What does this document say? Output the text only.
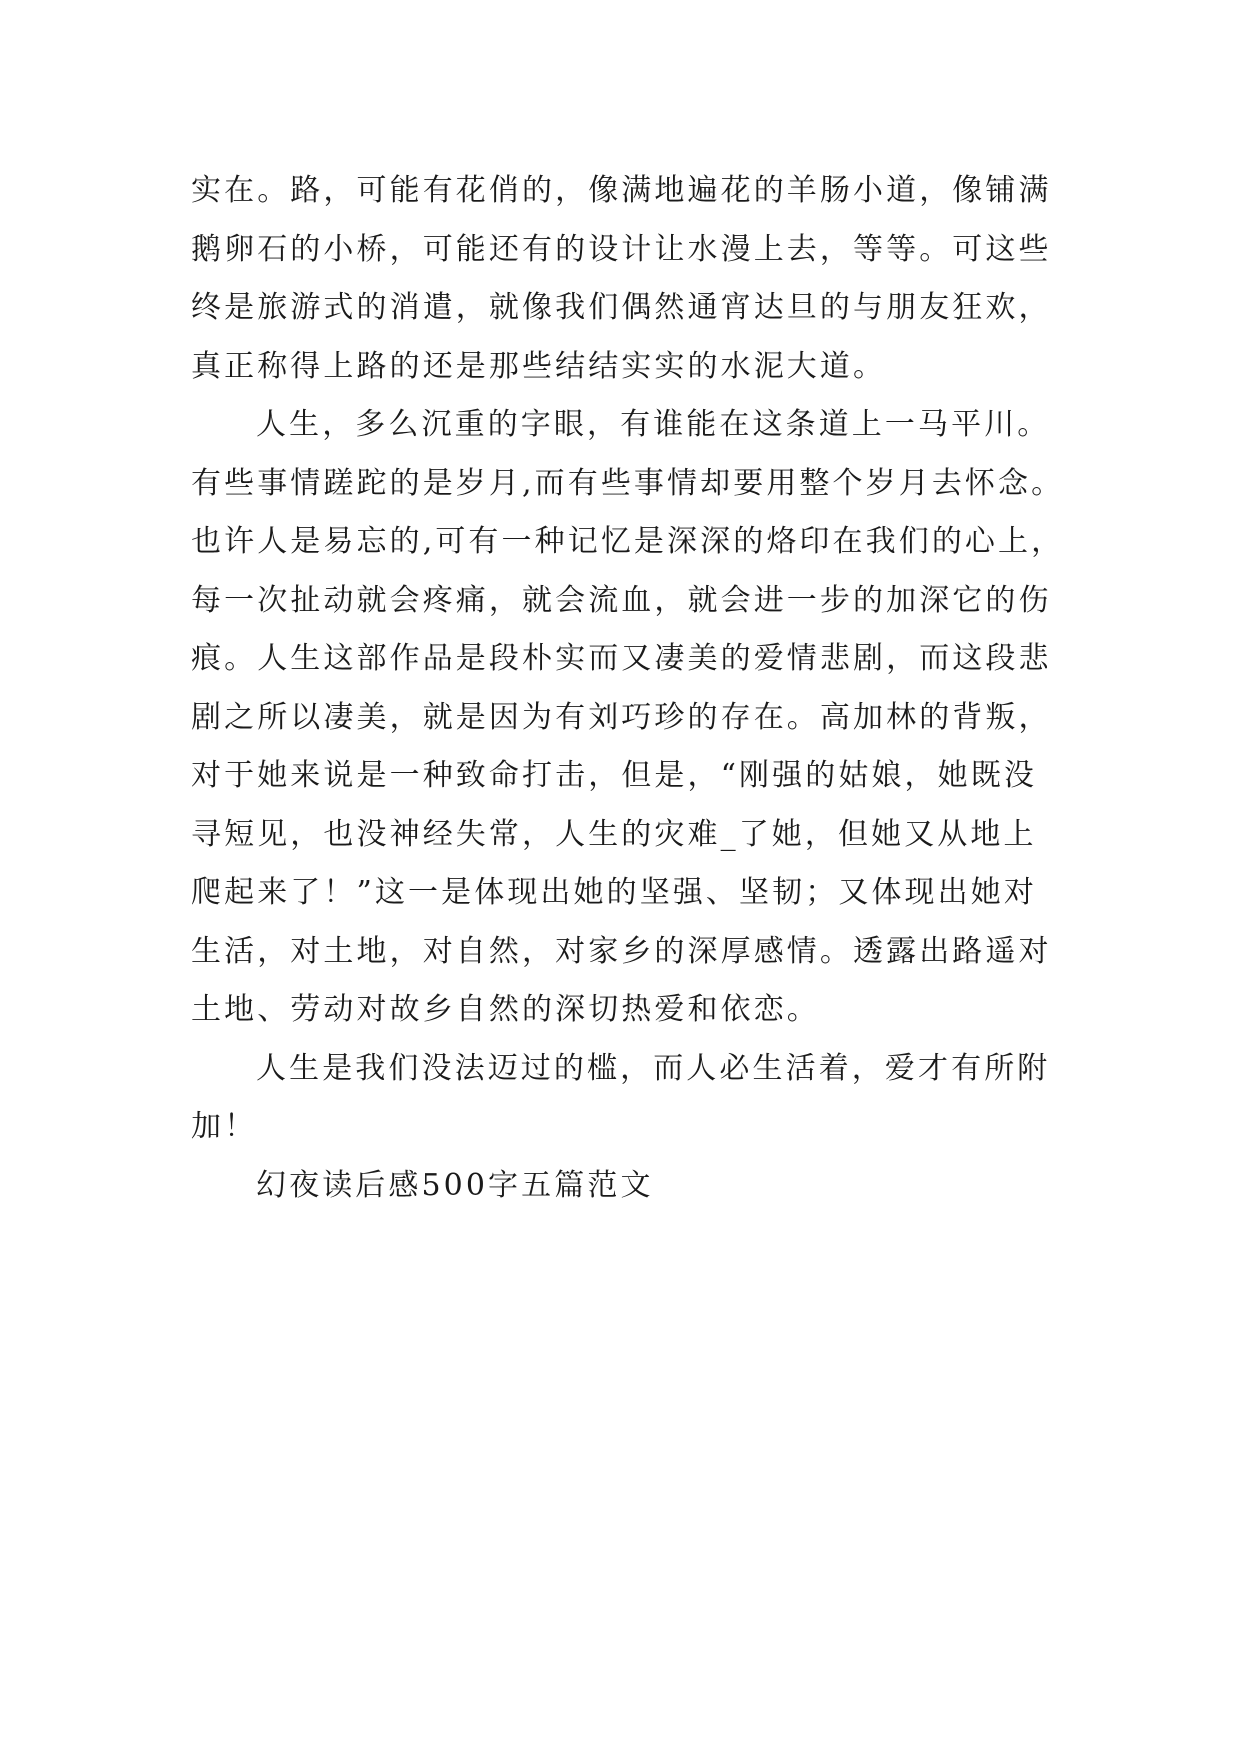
实在。路，可能有花俏的，像满地遍花的羊肠小道，像铺满
鹅卵石的小桥，可能还有的设计让水漫上去，等等。可这些
终是旅游式的消遣，就像我们偶然通宵达旦的与朋友狂欢，
真正称得上路的还是那些结结实实的水泥大道。
人生，多么沉重的字眼，有谁能在这条道上一马平川。
有些事情蹉跎的是岁月,而有些事情却要用整个岁月去怀念。
也许人是易忘的,可有一种记忆是深深的烙印在我们的心上，
每一次扯动就会疼痛，就会流血，就会进一步的加深它的伤
痕。人生这部作品是段朴实而又凄美的爱情悲剧，而这段悲
剧之所以凄美，就是因为有刘巧珍的存在。高加林的背叛，
对于她来说是一种致命打击，但是，“刚强的姑娘，她既没
寻短见，也没神经失常，人生的灾难_了她，但她又从地上
爬起来了！”这一是体现出她的坚强、坚韧；又体现出她对
生活，对土地，对自然，对家乡的深厚感情。透露出路遥对
土地、劳动对故乡自然的深切热爱和依恋。
人生是我们没法迈过的槛，而人必生活着，爱才有所附
加！
幻夜读后感500字五篇范文
